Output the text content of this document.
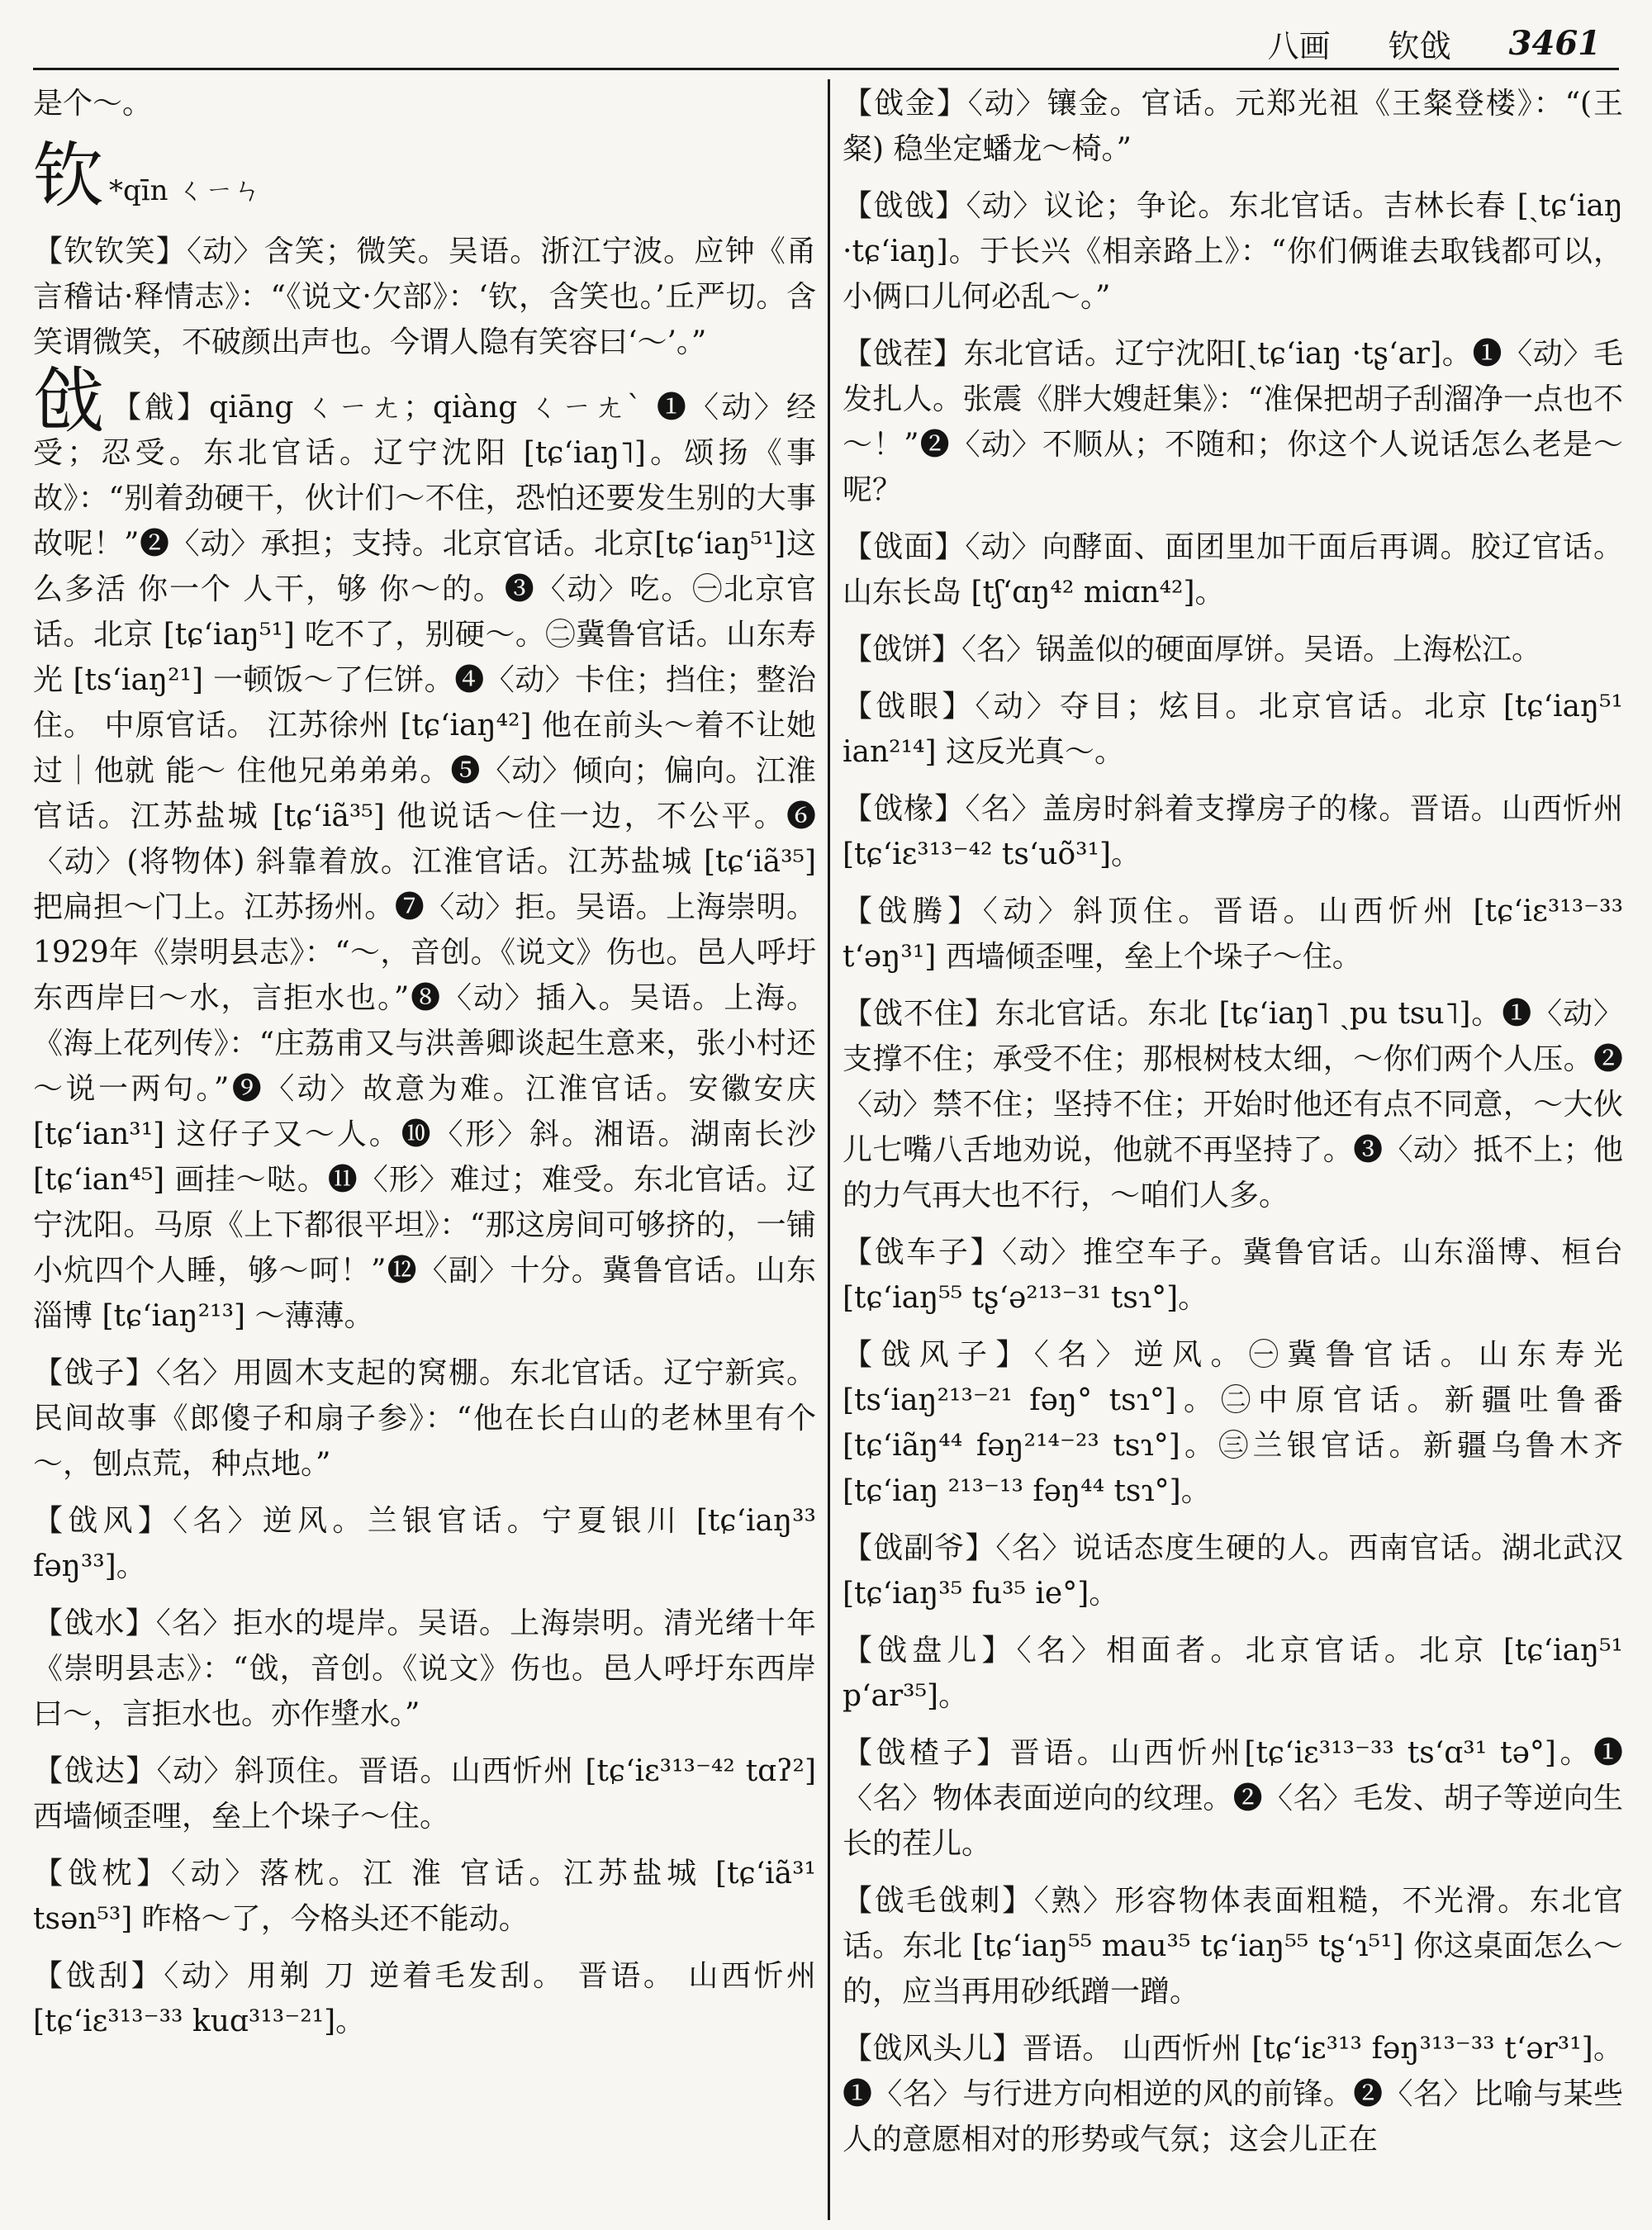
八画 钦戗 3461

是个～。

钦 *qīn ㄑㄧㄣ

【钦钦笑】〈动〉含笑；微笑。吴语。浙江宁波。应钟《甬言稽诂·释情志》：“《说文·欠部》：‘钦，含笑也。’丘严切。含笑谓微笑，不破颜出声也。今谓人隐有笑容曰‘～’。”

戗 【戧】qiāng ㄑㄧㄤ；qiàng ㄑㄧㄤˋ ❶〈动〉经受；忍受。东北官话。辽宁沈阳 [tɕʻiaŋ˥]。颂扬《事故》：“别着劲硬干，伙计们～不住，恐怕还要发生别的大事故呢！”❷〈动〉承担；支持。北京官话。北京[tɕʻiaŋ⁵¹]这么多活 你一个 人干，够 你～的。❸〈动〉吃。㊀北京官话。北京 [tɕʻiaŋ⁵¹] 吃不了，别硬～。㊁冀鲁官话。山东寿光 [tsʻiaŋ²¹] 一顿饭～了仨饼。❹〈动〉卡住；挡住；整治住。 中原官话。 江苏徐州 [tɕʻiaŋ⁴²] 他在前头～着不让她过｜他就 能～ 住他兄弟弟弟。❺〈动〉倾向；偏向。江淮 官话。江苏盐城 [tɕʻiã³⁵] 他说话～住一边，不公平。❻〈动〉(将物体) 斜靠着放。江淮官话。江苏盐城 [tɕʻiã³⁵] 把扁担～门上。江苏扬州。❼〈动〉拒。吴语。上海崇明。1929年《崇明县志》：“～，音创。《说文》伤也。邑人呼圩东西岸曰～水，言拒水也。”❽〈动〉插入。吴语。上海。《海上花列传》：“庄荔甫又与洪善卿谈起生意来，张小村还～说一两句。”❾〈动〉故意为难。江淮官话。安徽安庆 [tɕʻian³¹] 这仔子又～人。❿〈形〉斜。湘语。湖南长沙 [tɕʻian⁴⁵] 画挂～哒。⓫〈形〉难过；难受。东北官话。辽宁沈阳。马原《上下都很平坦》：“那这房间可够挤的，一铺小炕四个人睡，够～呵！”⓬〈副〉十分。冀鲁官话。山东淄博 [tɕʻiaŋ²¹³] ～薄薄。

【戗子】〈名〉用圆木支起的窝棚。东北官话。辽宁新宾。民间故事《郎傻子和扇子参》：“他在长白山的老林里有个～，刨点荒，种点地。”

【戗风】〈名〉逆风。兰银官话。宁夏银川 [tɕʻiaŋ³³ fəŋ³³]。

【戗水】〈名〉拒水的堤岸。吴语。上海崇明。清光绪十年《崇明县志》：“戗，音创。《说文》伤也。邑人呼圩东西岸曰～，言拒水也。亦作墏水。”

【戗达】〈动〉斜顶住。晋语。山西忻州 [tɕʻiɛ³¹³⁻⁴² tɑʔ²] 西墙倾歪哩，垒上个垛子～住。

【戗枕】〈动〉落枕。江 淮 官话。江苏盐城 [tɕʻiã³¹ tsən⁵³] 昨格～了，今格头还不能动。

【戗刮】〈动〉用剃 刀 逆着毛发刮。 晋语。 山西忻州 [tɕʻiɛ³¹³⁻³³ kuɑ³¹³⁻²¹]。

【戗金】〈动〉镶金。官话。元郑光祖《王粲登楼》：“(王粲) 稳坐定蟠龙～椅。”

【戗戗】〈动〉议论；争论。东北官话。吉林长春 [ˏtɕʻiaŋ ·tɕʻiaŋ]。于长兴《相亲路上》：“你们俩谁去取钱都可以，小俩口儿何必乱～。”

【戗茬】东北官话。辽宁沈阳[ˏtɕʻiaŋ ·tʂʻar]。❶〈动〉毛发扎人。张震《胖大嫂赶集》：“准保把胡子刮溜净一点也不～！”❷〈动〉不顺从；不随和；你这个人说话怎么老是～呢？

【戗面】〈动〉向酵面、面团里加干面后再调。胶辽官话。山东长岛 [tʃʻɑŋ⁴² miɑn⁴²]。

【戗饼】〈名〉锅盖似的硬面厚饼。吴语。上海松江。

【戗眼】〈动〉夺目；炫目。北京官话。北京 [tɕʻiaŋ⁵¹ ian²¹⁴] 这反光真～。

【戗椽】〈名〉盖房时斜着支撑房子的椽。晋语。山西忻州 [tɕʻiɛ³¹³⁻⁴² tsʻuõ³¹]。

【戗腾】〈动〉斜顶住。晋语。山西忻州 [tɕʻiɛ³¹³⁻³³ tʻəŋ³¹] 西墙倾歪哩，垒上个垛子～住。

【戗不住】东北官话。东北 [tɕʻiaŋ˥ ˏpu tsu˥]。❶〈动〉支撑不住；承受不住；那根树枝太细，～你们两个人压。❷〈动〉禁不住；坚持不住；开始时他还有点不同意，～大伙儿七嘴八舌地劝说，他就不再坚持了。❸〈动〉抵不上；他的力气再大也不行，～咱们人多。

【戗车子】〈动〉推空车子。冀鲁官话。山东淄博、桓台 [tɕʻiaŋ⁵⁵ tʂʻə²¹³⁻³¹ tsɿ°]。

【戗风子】〈名〉逆风。㊀冀鲁官话。山东寿光 [tsʻiaŋ²¹³⁻²¹ fəŋ° tsɿ°]。㊁中原官话。新疆吐鲁番 [tɕʻiãŋ⁴⁴ fəŋ²¹⁴⁻²³ tsɿ°]。㊂兰银官话。新疆乌鲁木齐 [tɕʻiaŋ ²¹³⁻¹³ fəŋ⁴⁴ tsɿ°]。

【戗副爷】〈名〉说话态度生硬的人。西南官话。湖北武汉 [tɕʻiaŋ³⁵ fu³⁵ ie°]。

【戗盘儿】〈名〉相面者。北京官话。北京 [tɕʻiaŋ⁵¹ pʻar³⁵]。

【戗楂子】晋语。山西忻州[tɕʻiɛ³¹³⁻³³ tsʻɑ³¹ tə°]。❶〈名〉物体表面逆向的纹理。❷〈名〉毛发、胡子等逆向生长的茬儿。

【戗毛戗刺】〈熟〉形容物体表面粗糙，不光滑。东北官话。东北 [tɕʻiaŋ⁵⁵ mau³⁵ tɕʻiaŋ⁵⁵ tʂʻɿ⁵¹] 你这桌面怎么～的，应当再用砂纸蹭一蹭。

【戗风头儿】晋语。 山西忻州 [tɕʻiɛ³¹³ fəŋ³¹³⁻³³ tʻər³¹]。❶〈名〉与行进方向相逆的风的前锋。❷〈名〉比喻与某些人的意愿相对的形势或气氛；这会儿正在
